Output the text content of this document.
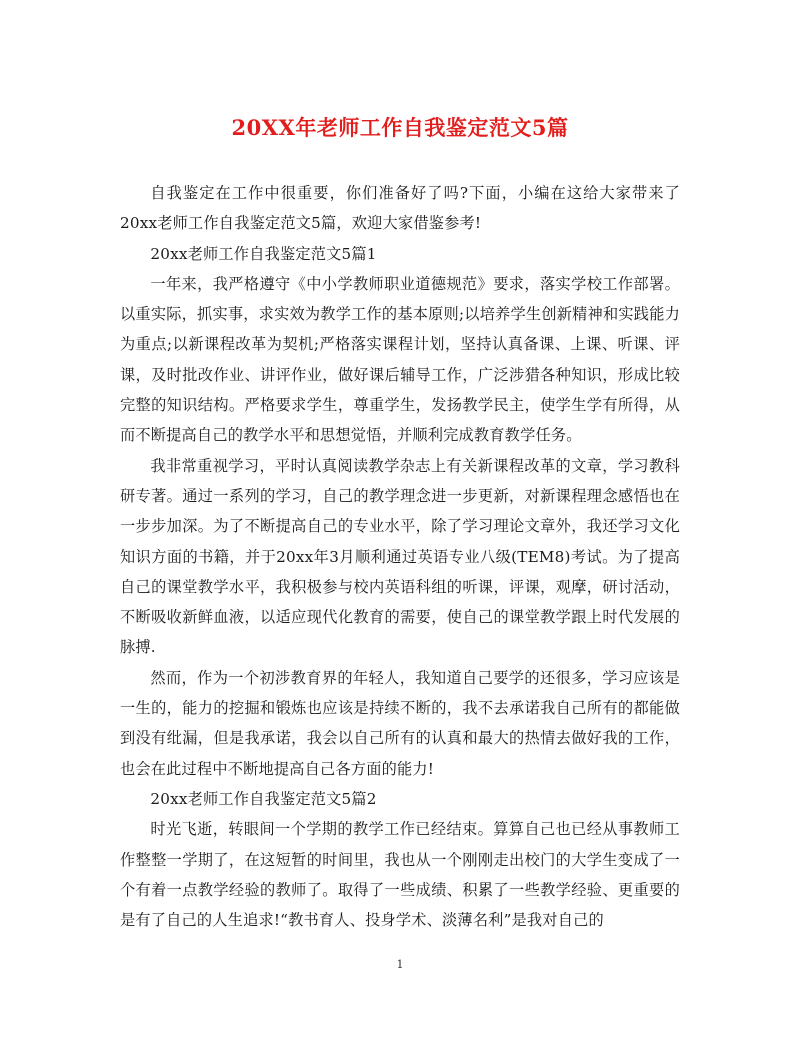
20XX年老师工作自我鉴定范文5篇

自我鉴定在工作中很重要，你们准备好了吗?下面，小编在这给大家带来了20xx老师工作自我鉴定范文5篇，欢迎大家借鉴参考!

20xx老师工作自我鉴定范文5篇1

一年来，我严格遵守《中小学教师职业道德规范》要求，落实学校工作部署。以重实际，抓实事，求实效为教学工作的基本原则;以培养学生创新精神和实践能力为重点;以新课程改革为契机;严格落实课程计划，坚持认真备课、上课、听课、评课，及时批改作业、讲评作业，做好课后辅导工作，广泛涉猎各种知识，形成比较完整的知识结构。严格要求学生，尊重学生，发扬教学民主，使学生学有所得，从而不断提高自己的教学水平和思想觉悟，并顺利完成教育教学任务。

我非常重视学习，平时认真阅读教学杂志上有关新课程改革的文章，学习教科研专著。通过一系列的学习，自己的教学理念进一步更新，对新课程理念感悟也在一步步加深。为了不断提高自己的专业水平，除了学习理论文章外，我还学习文化知识方面的书籍，并于20xx年3月顺利通过英语专业八级(TEM8)考试。为了提高自己的课堂教学水平，我积极参与校内英语科组的听课，评课，观摩，研讨活动，不断吸收新鲜血液，以适应现代化教育的需要，使自己的课堂教学跟上时代发展的脉搏.

然而，作为一个初涉教育界的年轻人，我知道自己要学的还很多，学习应该是一生的，能力的挖掘和锻炼也应该是持续不断的，我不去承诺我自己所有的都能做到没有纰漏，但是我承诺，我会以自己所有的认真和最大的热情去做好我的工作，也会在此过程中不断地提高自己各方面的能力!

20xx老师工作自我鉴定范文5篇2

时光飞逝，转眼间一个学期的教学工作已经结束。算算自己也已经从事教师工作整整一学期了，在这短暂的时间里，我也从一个刚刚走出校门的大学生变成了一个有着一点教学经验的教师了。取得了一些成绩、积累了一些教学经验、更重要的是有了自己的人生追求!“教书育人、投身学术、淡薄名利”是我对自己的

1
